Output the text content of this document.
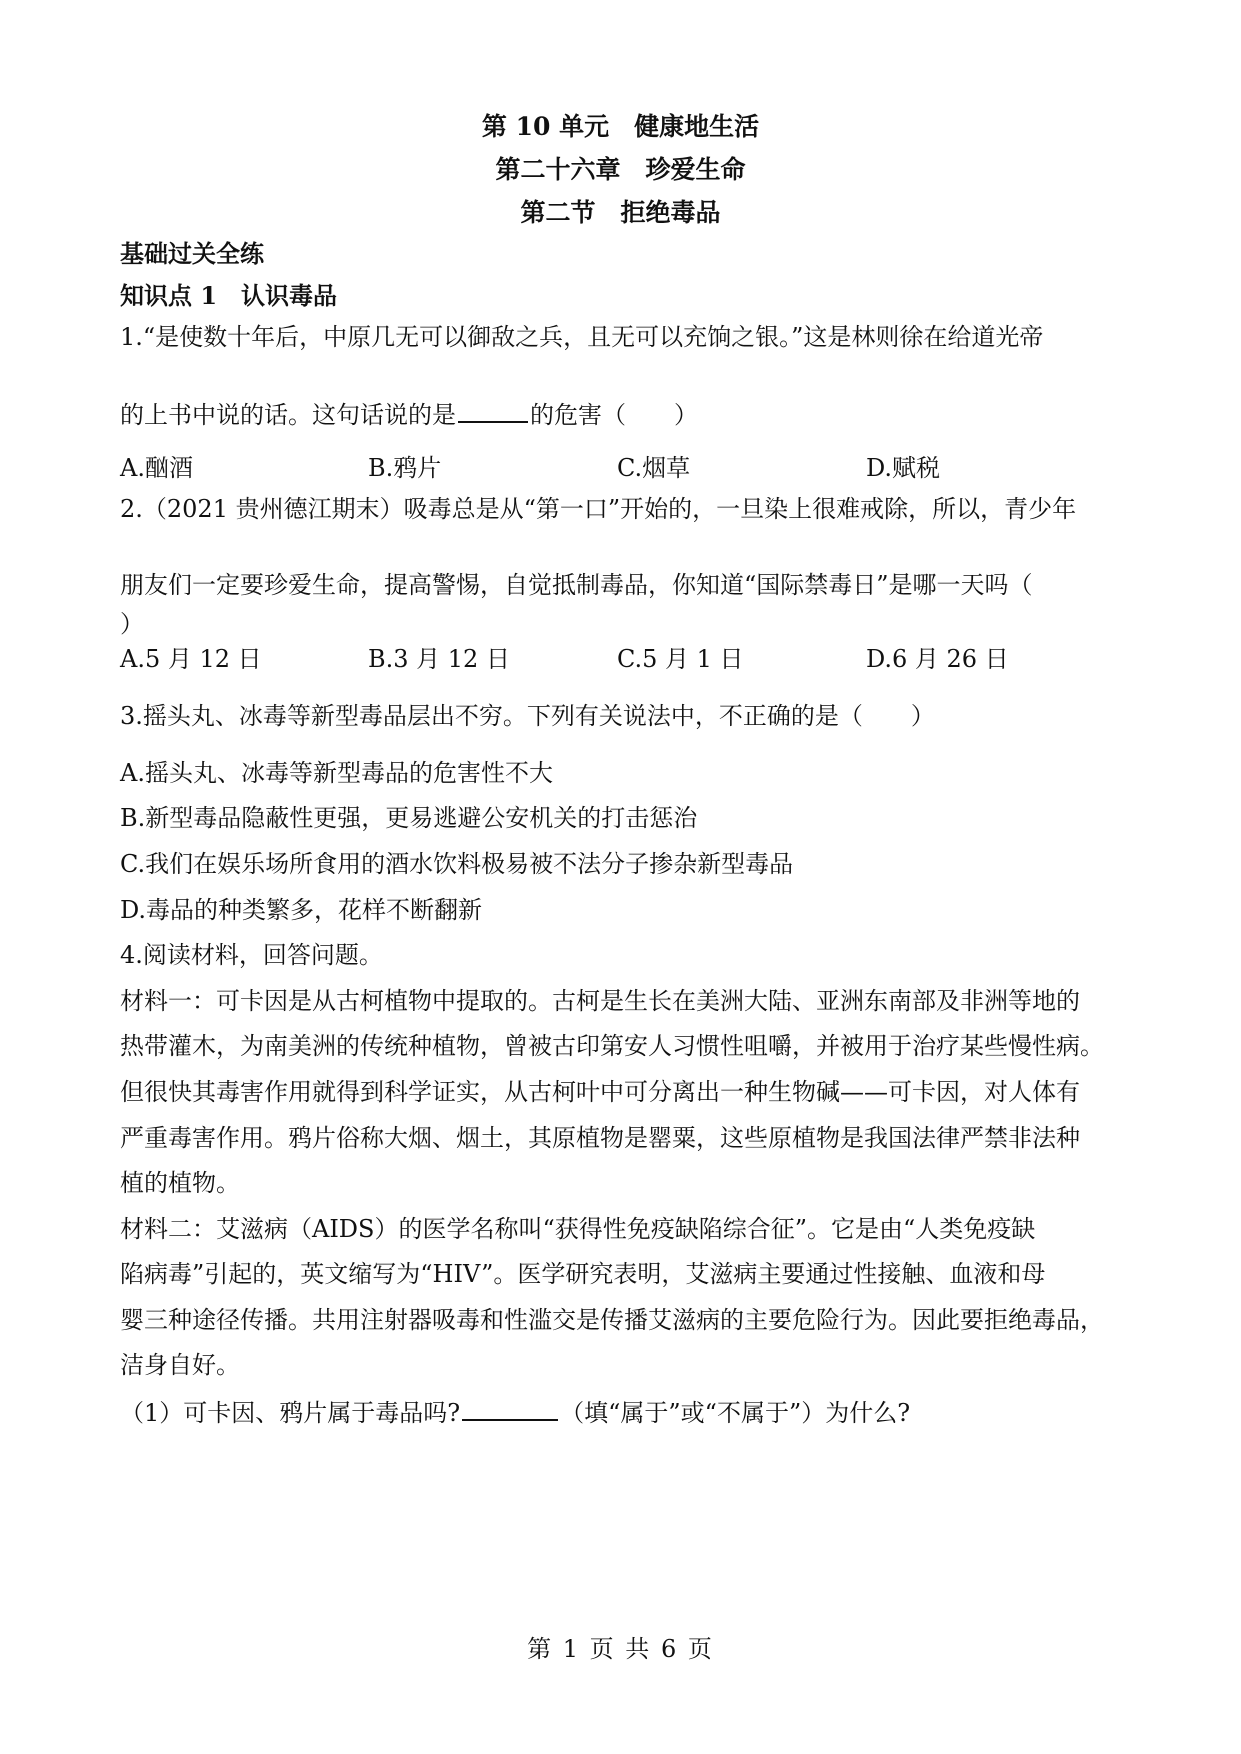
第 10 单元　健康地生活
第二十六章　珍爱生命
第二节　拒绝毒品
基础过关全练
知识点 1　认识毒品
1.“是使数十年后，中原几无可以御敌之兵，且无可以充饷之银。”这是林则徐在给道光帝
的上书中说的话。这句话说的是	的危害（　　）
A.酗酒	B.鸦片	C.烟草	D.赋税
2.（2021 贵州德江期末）吸毒总是从“第一口”开始的，一旦染上很难戒除，所以，青少年
朋友们一定要珍爱生命，提高警惕，自觉抵制毒品，你知道“国际禁毒日”是哪一天吗（
）
A.5 月 12 日	B.3 月 12 日	C.5 月 1 日	D.6 月 26 日
3.摇头丸、冰毒等新型毒品层出不穷。下列有关说法中，不正确的是（　　）
A.摇头丸、冰毒等新型毒品的危害性不大
B.新型毒品隐蔽性更强，更易逃避公安机关的打击惩治
C.我们在娱乐场所食用的酒水饮料极易被不法分子掺杂新型毒品
D.毒品的种类繁多，花样不断翻新
4.阅读材料，回答问题。
材料一：可卡因是从古柯植物中提取的。古柯是生长在美洲大陆、亚洲东南部及非洲等地的
热带灌木，为南美洲的传统种植物，曾被古印第安人习惯性咀嚼，并被用于治疗某些慢性病。
但很快其毒害作用就得到科学证实，从古柯叶中可分离出一种生物碱——可卡因，对人体有
严重毒害作用。鸦片俗称大烟、烟土，其原植物是罂粟，这些原植物是我国法律严禁非法种
植的植物。
材料二：艾滋病（AIDS）的医学名称叫“获得性免疫缺陷综合征”。它是由“人类免疫缺
陷病毒”引起的，英文缩写为“HIV”。医学研究表明，艾滋病主要通过性接触、血液和母
婴三种途径传播。共用注射器吸毒和性滥交是传播艾滋病的主要危险行为。因此要拒绝毒品，
洁身自好。
（1）可卡因、鸦片属于毒品吗?	（填“属于”或“不属于”）为什么?
第 1 页 共 6 页
